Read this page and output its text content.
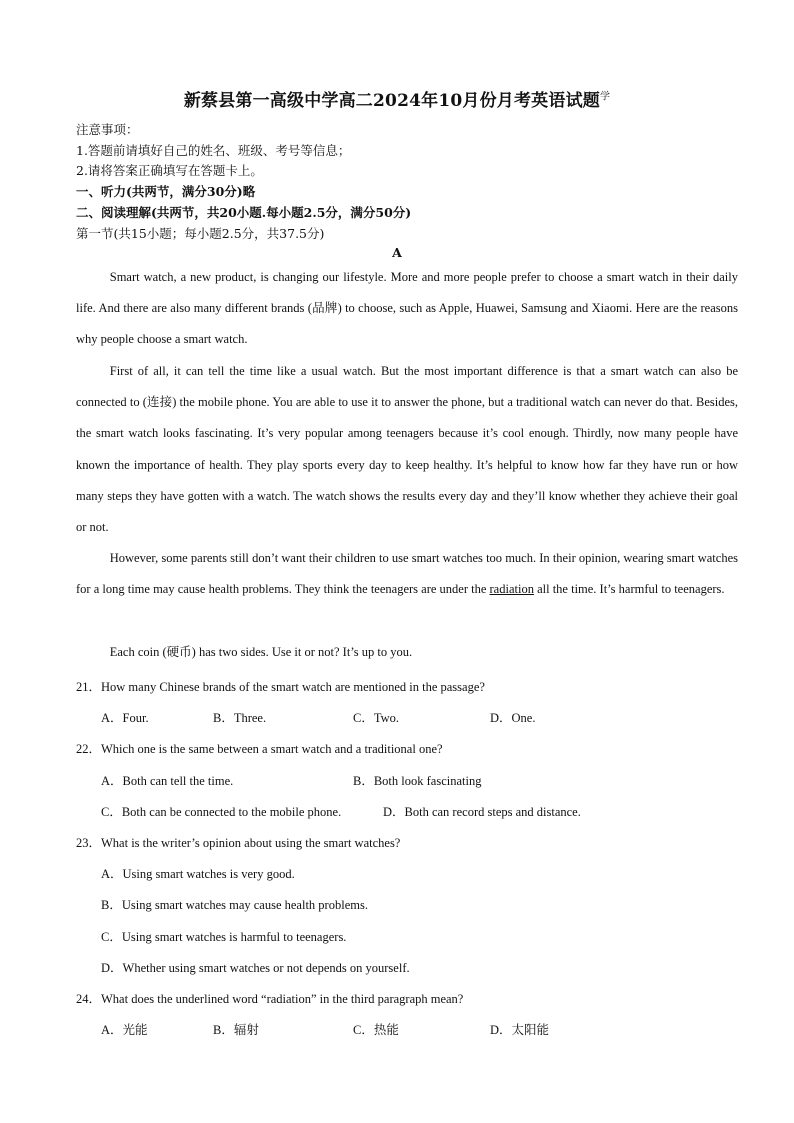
新蔡县第一高级中学高二2024年10月份月考英语试题$^学$
注意事项：
1.答题前请填好自己的姓名、班级、考号等信息；
2.请将答案正确填写在答题卡上。
一、听力(共两节，满分30分)略
二、阅读理解(共两节，共20小题.每小题2.5分，满分50分)
第一节(共15小题；每小题2.5分，共37.5分)
A
Smart watch, a new product, is changing our lifestyle. More and more people prefer to choose a smart watch in their daily life. And there are also many different brands (品牌) to choose, such as Apple, Huawei, Samsung and Xiaomi. Here are the reasons why people choose a smart watch.
First of all, it can tell the time like a usual watch. But the most important difference is that a smart watch can also be connected to (连接) the mobile phone. You are able to use it to answer the phone, but a traditional watch can never do that. Besides, the smart watch looks fascinating. It’s very popular among teenagers because it’s cool enough. Thirdly, now many people have known the importance of health. They play sports every day to keep healthy. It’s helpful to know how far they have run or how many steps they have gotten with a watch. The watch shows the results every day and they’ll know whether they achieve their goal or not.
However, some parents still don’t want their children to use smart watches too much. In their opinion, wearing smart watches for a long time may cause health problems. They think the teenagers are under the radiation all the time. It’s harmful to teenagers.
Each coin (硬币) has two sides. Use it or not? It’s up to you.
21．How many Chinese brands of the smart watch are mentioned in the passage?
A．Four.	B．Three.	C．Two.	D．One.
22．Which one is the same between a smart watch and a traditional one?
A．Both can tell the time.	B．Both look fascinating
C．Both can be connected to the mobile phone.	D．Both can record steps and distance.
23．What is the writer’s opinion about using the smart watches?
A．Using smart watches is very good.
B．Using smart watches may cause health problems.
C．Using smart watches is harmful to teenagers.
D．Whether using smart watches or not depends on yourself.
24．What does the underlined word “radiation” in the third paragraph mean?
A．光能	B．辐射	C．热能	D．太阳能
